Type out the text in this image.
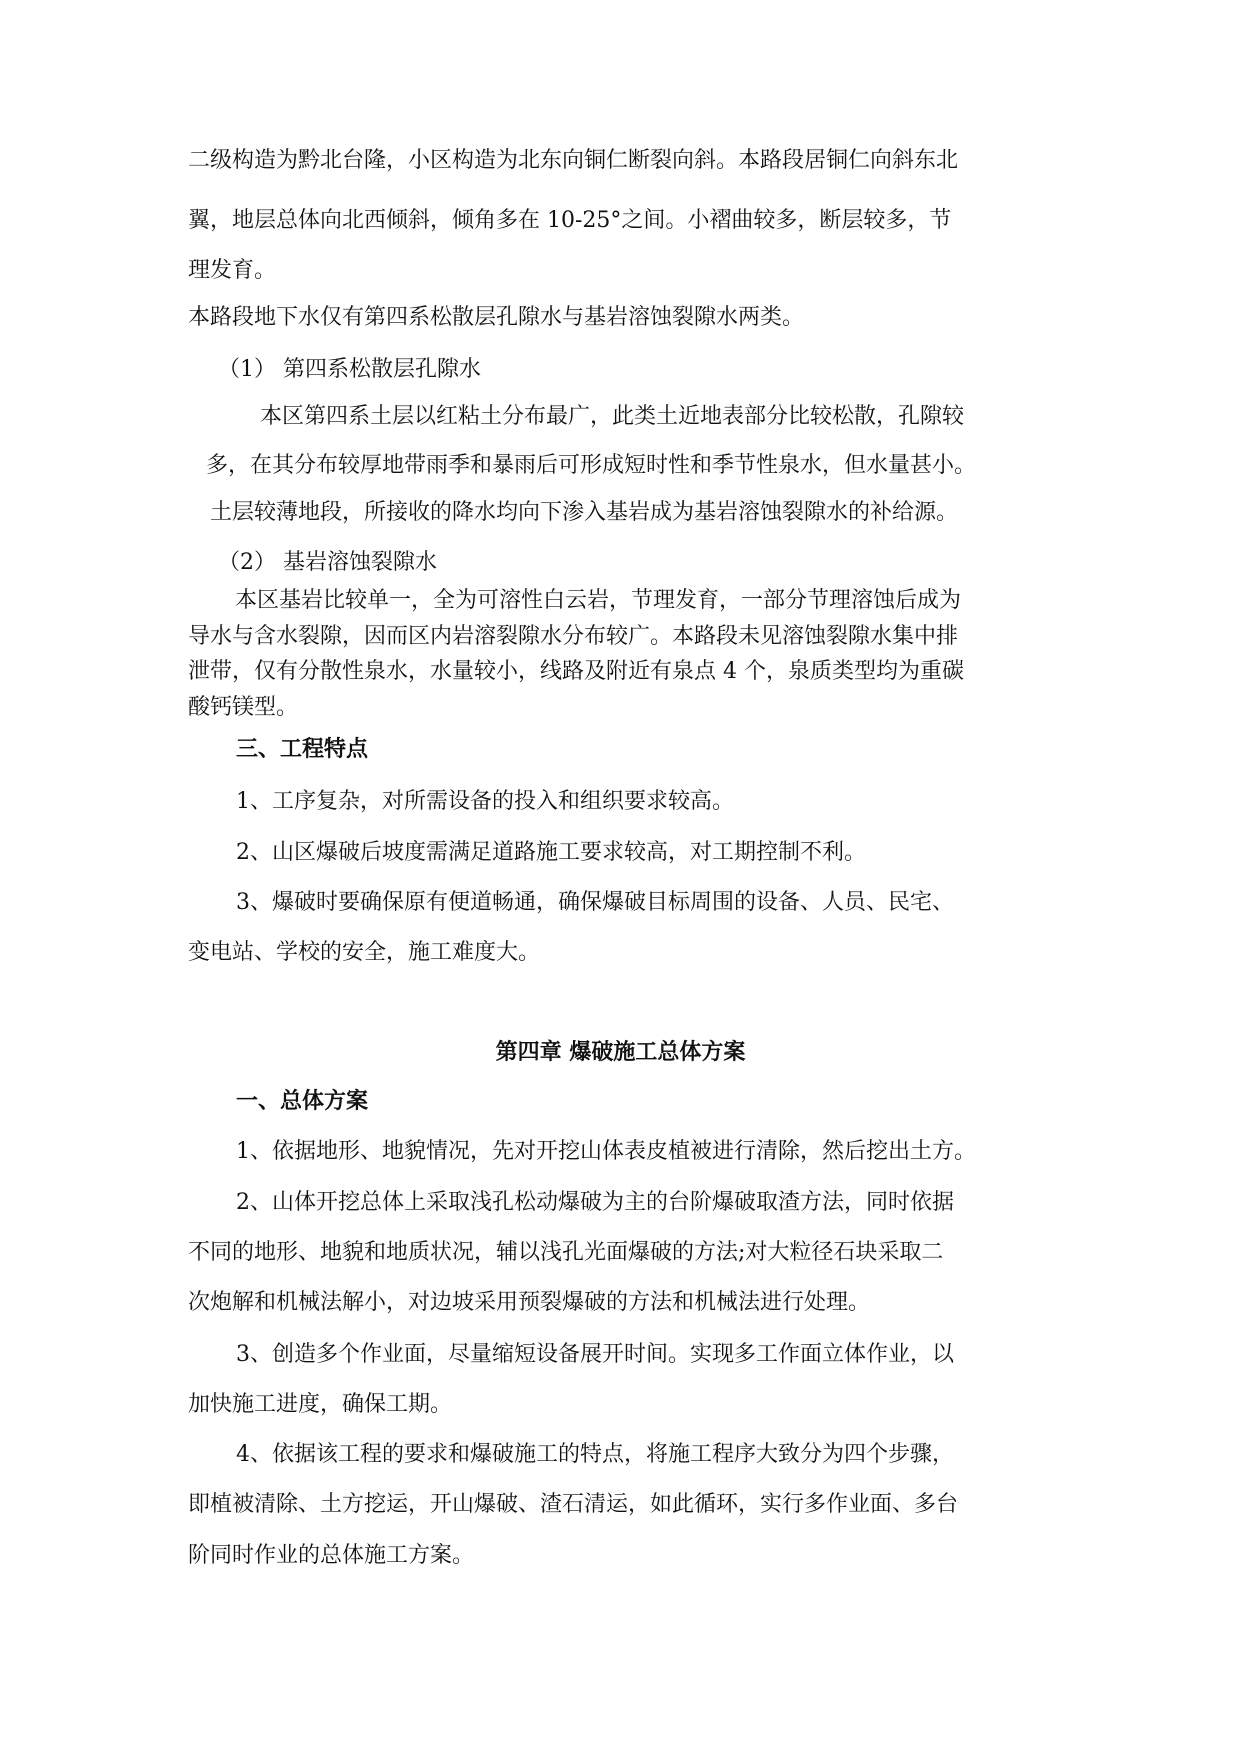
二级构造为黔北台隆，小区构造为北东向铜仁断裂向斜。本路段居铜仁向斜东北
翼，地层总体向北西倾斜，倾角多在 10-25°之间。小褶曲较多，断层较多，节
理发育。
本路段地下水仅有第四系松散层孔隙水与基岩溶蚀裂隙水两类。
（1） 第四系松散层孔隙水
本区第四系土层以红粘土分布最广，此类土近地表部分比较松散，孔隙较
多，在其分布较厚地带雨季和暴雨后可形成短时性和季节性泉水，但水量甚小。
土层较薄地段，所接收的降水均向下渗入基岩成为基岩溶蚀裂隙水的补给源。
（2） 基岩溶蚀裂隙水
本区基岩比较单一，全为可溶性白云岩，节理发育，一部分节理溶蚀后成为
导水与含水裂隙，因而区内岩溶裂隙水分布较广。本路段未见溶蚀裂隙水集中排
泄带，仅有分散性泉水，水量较小，线路及附近有泉点 4 个，泉质类型均为重碳
酸钙镁型。
三、工程特点
1、工序复杂，对所需设备的投入和组织要求较高。
2、山区爆破后坡度需满足道路施工要求较高，对工期控制不利。
3、爆破时要确保原有便道畅通，确保爆破目标周围的设备、人员、民宅、
变电站、学校的安全，施工难度大。
第四章 爆破施工总体方案
一、总体方案
1、依据地形、地貌情况，先对开挖山体表皮植被进行清除，然后挖出土方。
2、山体开挖总体上采取浅孔松动爆破为主的台阶爆破取渣方法，同时依据
不同的地形、地貌和地质状况，辅以浅孔光面爆破的方法;对大粒径石块采取二
次炮解和机械法解小，对边坡采用预裂爆破的方法和机械法进行处理。
3、创造多个作业面，尽量缩短设备展开时间。实现多工作面立体作业，以
加快施工进度，确保工期。
4、依据该工程的要求和爆破施工的特点，将施工程序大致分为四个步骤，
即植被清除、土方挖运，开山爆破、渣石清运，如此循环，实行多作业面、多台
阶同时作业的总体施工方案。
